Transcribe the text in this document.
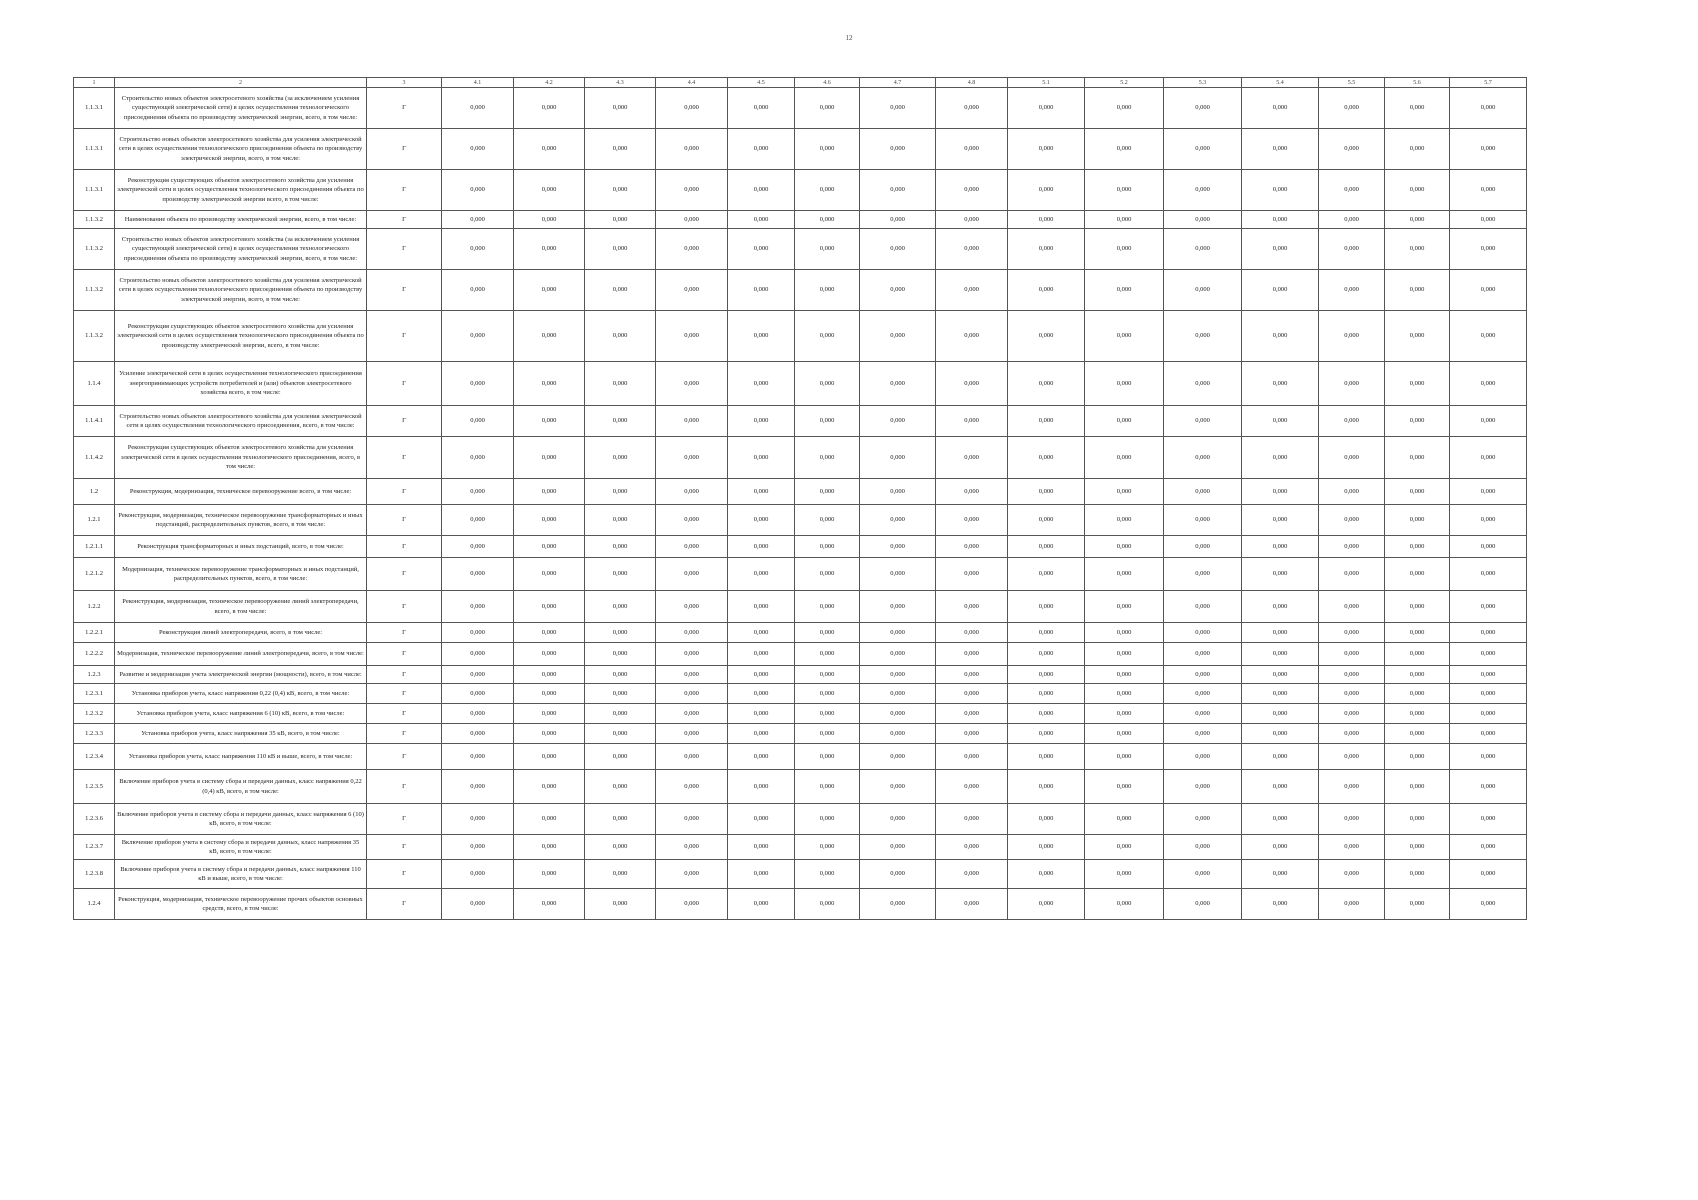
12
1	2	3	4.1	4.2	4.3	4.4	4.5	4.6	4.7	4.8	5.1	5.2	5.3	5.4	5.5	5.6	5.7
1.1.3.1	Строительство новых объектов электросетевого хозяйства (за исключением усиления существующей электрической сети) в целях осуществления технологического присоединения объекта по производству электрической энергии, всего, в том числе:	Г	0,000	0,000	0,000	0,000	0,000	0,000	0,000	0,000	0,000	0,000	0,000	0,000	0,000	0,000	0,000
1.1.3.1	Строительство новых объектов электросетевого хозяйства для усиления электрической сети в целях осуществления технологического присоединения объекта по производству электрической энергии, всего, в том числе:	Г	0,000	0,000	0,000	0,000	0,000	0,000	0,000	0,000	0,000	0,000	0,000	0,000	0,000	0,000	0,000
1.1.3.1	Реконструкция существующих объектов электросетевого хозяйства для усиления электрической сети в целях осуществления технологического присоединения объекта по производству электрической энергии всего, в том числе:	Г	0,000	0,000	0,000	0,000	0,000	0,000	0,000	0,000	0,000	0,000	0,000	0,000	0,000	0,000	0,000
1.1.3.2	Наименование объекта по производству электрической энергии, всего, в том числе:	Г	0,000	0,000	0,000	0,000	0,000	0,000	0,000	0,000	0,000	0,000	0,000	0,000	0,000	0,000	0,000
1.1.3.2	Строительство новых объектов электросетевого хозяйства (за исключением усиления существующей электрической сети) в целях осуществления технологического присоединения объекта по производству электрической энергии, всего, в том числе:	Г	0,000	0,000	0,000	0,000	0,000	0,000	0,000	0,000	0,000	0,000	0,000	0,000	0,000	0,000	0,000
1.1.3.2	Строительство новых объектов электросетевого хозяйства для усиления электрической сети в целях осуществления технологического присоединения объекта по производству электрической энергии, всего, в том числе:	Г	0,000	0,000	0,000	0,000	0,000	0,000	0,000	0,000	0,000	0,000	0,000	0,000	0,000	0,000	0,000
1.1.3.2	Реконструкция существующих объектов электросетевого хозяйства для усиления электрической сети в целях осуществления технологического присоединения объекта по производству электрической энергии, всего, в том числе:	Г	0,000	0,000	0,000	0,000	0,000	0,000	0,000	0,000	0,000	0,000	0,000	0,000	0,000	0,000	0,000
1.1.4	Усиление электрической сети в целях осуществления технологического присоединения энергопринимающих устройств потребителей и (или) объектов электросетевого хозяйства всего, в том числе:	Г	0,000	0,000	0,000	0,000	0,000	0,000	0,000	0,000	0,000	0,000	0,000	0,000	0,000	0,000	0,000
1.1.4.1	Строительство новых объектов электросетевого хозяйства для усиления электрической сети в целях осуществления технологического присоединения, всего, в том числе:	Г	0,000	0,000	0,000	0,000	0,000	0,000	0,000	0,000	0,000	0,000	0,000	0,000	0,000	0,000	0,000
1.1.4.2	Реконструкция существующих объектов электросетевого хозяйства для усиления электрической сети в целях осуществления технологического присоединения, всего, в том числе:	Г	0,000	0,000	0,000	0,000	0,000	0,000	0,000	0,000	0,000	0,000	0,000	0,000	0,000	0,000	0,000
1.2	Реконструкция, модернизация, техническое перевооружение всего, в том числе:	Г	0,000	0,000	0,000	0,000	0,000	0,000	0,000	0,000	0,000	0,000	0,000	0,000	0,000	0,000	0,000
1.2.1	Реконструкция, модернизация, техническое перевооружение трансформаторных и иных подстанций, распределительных пунктов, всего, в том числе:	Г	0,000	0,000	0,000	0,000	0,000	0,000	0,000	0,000	0,000	0,000	0,000	0,000	0,000	0,000	0,000
1.2.1.1	Реконструкция трансформаторных и иных подстанций, всего, в том числе:	Г	0,000	0,000	0,000	0,000	0,000	0,000	0,000	0,000	0,000	0,000	0,000	0,000	0,000	0,000	0,000
1.2.1.2	Модернизация, техническое перевооружение трансформаторных и иных подстанций, распределительных пунктов, всего, в том числе:	Г	0,000	0,000	0,000	0,000	0,000	0,000	0,000	0,000	0,000	0,000	0,000	0,000	0,000	0,000	0,000
1.2.2	Реконструкция, модернизация, техническое перевооружение линий электропередачи, всего, в том числе:	Г	0,000	0,000	0,000	0,000	0,000	0,000	0,000	0,000	0,000	0,000	0,000	0,000	0,000	0,000	0,000
1.2.2.1	Реконструкция линий электропередачи, всего, в том числе:	Г	0,000	0,000	0,000	0,000	0,000	0,000	0,000	0,000	0,000	0,000	0,000	0,000	0,000	0,000	0,000
1.2.2.2	Модернизация, техническое перевооружение линий электропередачи, всего, в том числе:	Г	0,000	0,000	0,000	0,000	0,000	0,000	0,000	0,000	0,000	0,000	0,000	0,000	0,000	0,000	0,000
1.2.3	Развитие и модернизация учета электрической энергии (мощности), всего, в том числе:	Г	0,000	0,000	0,000	0,000	0,000	0,000	0,000	0,000	0,000	0,000	0,000	0,000	0,000	0,000	0,000
1.2.3.1	Установка приборов учета, класс напряжения 0,22 (0,4) кВ, всего, в том числе:	Г	0,000	0,000	0,000	0,000	0,000	0,000	0,000	0,000	0,000	0,000	0,000	0,000	0,000	0,000	0,000
1.2.3.2	Установка приборов учета, класс напряжения 6 (10) кВ, всего, в том числе:	Г	0,000	0,000	0,000	0,000	0,000	0,000	0,000	0,000	0,000	0,000	0,000	0,000	0,000	0,000	0,000
1.2.3.3	Установка приборов учета, класс напряжения 35 кВ, всего, в том числе:	Г	0,000	0,000	0,000	0,000	0,000	0,000	0,000	0,000	0,000	0,000	0,000	0,000	0,000	0,000	0,000
1.2.3.4	Установка приборов учета, класс напряжения 110 кВ и выше, всего, в том числе:	Г	0,000	0,000	0,000	0,000	0,000	0,000	0,000	0,000	0,000	0,000	0,000	0,000	0,000	0,000	0,000
1.2.3.5	Включение приборов учета в систему сбора и передачи данных, класс напряжения 0,22 (0,4) кВ, всего, в том числе:	Г	0,000	0,000	0,000	0,000	0,000	0,000	0,000	0,000	0,000	0,000	0,000	0,000	0,000	0,000	0,000
1.2.3.6	Включение приборов учета в систему сбора и передачи данных, класс напряжения 6 (10) кВ, всего, в том числе:	Г	0,000	0,000	0,000	0,000	0,000	0,000	0,000	0,000	0,000	0,000	0,000	0,000	0,000	0,000	0,000
1.2.3.7	Включение приборов учета в систему сбора и передачи данных, класс напряжения 35 кВ, всего, в том числе:	Г	0,000	0,000	0,000	0,000	0,000	0,000	0,000	0,000	0,000	0,000	0,000	0,000	0,000	0,000	0,000
1.2.3.8	Включение приборов учета в систему сбора и передачи данных, класс напряжения 110 кВ и выше, всего, в том числе:	Г	0,000	0,000	0,000	0,000	0,000	0,000	0,000	0,000	0,000	0,000	0,000	0,000	0,000	0,000	0,000
1.2.4	Реконструкция, модернизация, техническое перевооружение прочих объектов основных средств, всего, в том числе:	Г	0,000	0,000	0,000	0,000	0,000	0,000	0,000	0,000	0,000	0,000	0,000	0,000	0,000	0,000	0,000
